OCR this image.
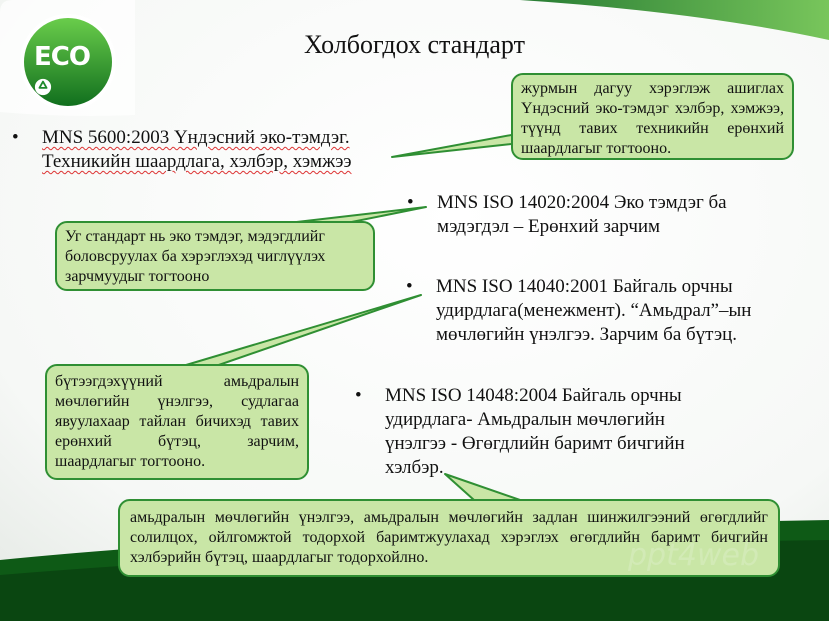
ECO	Холбогдох стандарт
• MNS 5600:2003 Үндэсний эко-тэмдэг.
Техникийн шаардлага, хэлбэр, хэмжээ
• MNS ISO 14020:2004 Эко тэмдэг ба
мэдэгдэл – Ерөнхий зарчим
• MNS ISO 14040:2001 Байгаль орчны
удирдлага(менежмент). “Амьдрал”–ын
мөчлөгийн үнэлгээ. Зарчим ба бүтэц.
• MNS ISO 14048:2004 Байгаль орчны
удирдлага- Амьдралын мөчлөгийн
үнэлгээ - Өгөгдлийн баримт бичгийн
хэлбэр.
журмын дагуу хэрэглэж ашиглах Үндэсний эко-тэмдэг хэлбэр, хэмжээ, түүнд тавих техникийн ерөнхий шаардлагыг тогтооно.
Уг стандарт нь эко тэмдэг, мэдэгдлийг боловсруулах ба хэрэглэхэд чиглүүлэх зарчмуудыг тогтооно
бүтээгдэхүүний амьдралын мөчлөгийн үнэлгээ, судлагаа явуулахаар тайлан бичихэд тавих ерөнхий бүтэц, зарчим, шаардлагыг тогтооно.
амьдралын мөчлөгийн үнэлгээ, амьдралын мөчлөгийн задлан шинжилгээний өгөгдлийг солилцох, ойлгомжтой тодорхой баримтжуулахад хэрэглэх өгөгдлийн баримт бичгийн хэлбэрийн бүтэц, шаардлагыг тодорхойлно.	ppt4web
